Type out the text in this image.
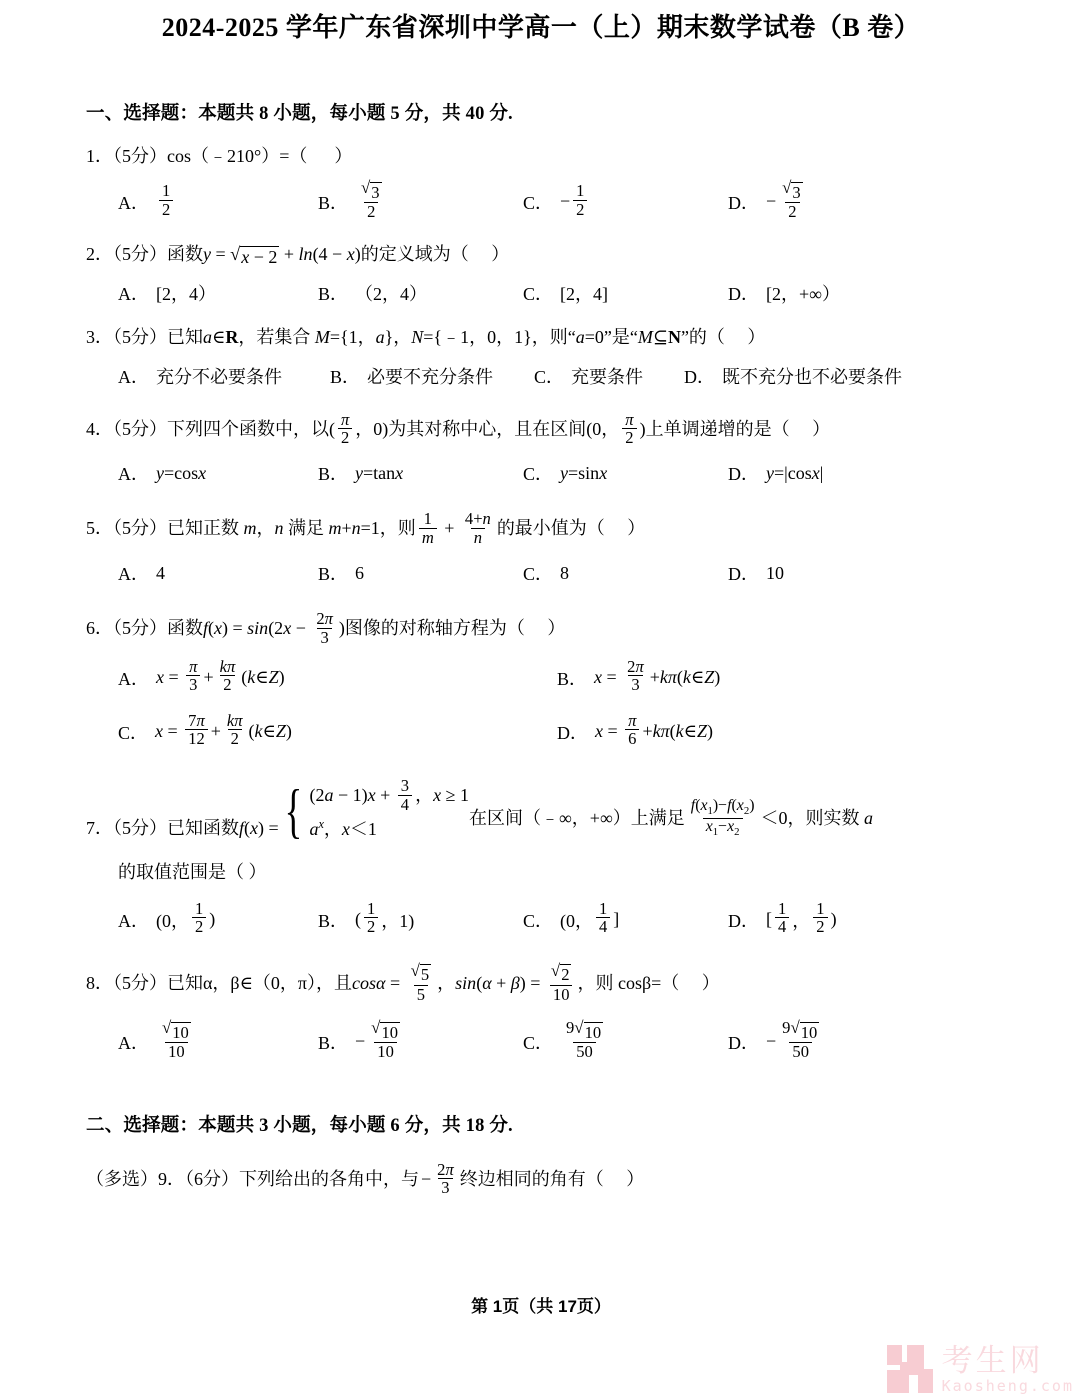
2024-2025 学年广东省深圳中学高一（上）期末数学试卷（B 卷）
一、选择题：本题共 8 小题，每小题 5 分，共 40 分.
1．（5分）cos（﹣210°）=（      ）
A． $\frac{1}{2}$	B． $\frac{√ 3}{2}$	C． − $\frac{1}{2}$	D． − $\frac{√ 3}{2}$
2．（5分）函数y = √ x − 2 + ln(4 − x)的定义域为（     ）
A． [2，4）	B． （2，4）	C． [2，4]	D． [2，+∞）
3．（5分）已知a∈R，若集合 M={1，a}，N={﹣1，0，1}，则“a=0”是“M⊆N”的（     ）
A． 充分不必要条件	B． 必要不充分条件 C． 充要条件 D． 既不充分也不必要条件
4．（5分）下列四个函数中，以( $\frac{\pi}{2}$ ，0)为其对称中心，且在区间(0， $\frac{\pi}{2}$ )上单调递增的是（     ）
A． y =cos x	B． y =tan x	C． y =sin x	D． y =|cos x |
5．（5分）已知正数 m，n 满足 m+n=1，则 $\frac{1}{m} + \frac{4+n}{n}$ 的最小值为（     ）
A． 4	B． 6	C． 8	D． 10
6．（5分）函数$f(x) = \sin(2x - \frac{2\pi}{3}$ )图像的对称轴方程为（     ）
A． $x = \frac{\pi}{3} + \frac{k\pi}{2}$ ( k ∈ Z )	B． $x = \frac{2\pi}{3} + k\pi$ ( k ∈ Z )
C． $x = \frac{7\pi}{12} + \frac{k\pi}{2}$ ( k ∈ Z )	D． $x = \frac{\pi}{6} + k\pi$ ( k ∈ Z )
7．（5分）已知函数f(x) = { $(2a - 1)x + \frac{3}{4}$ ，x ≥ 1
$a^x$，x＜1
在区间（﹣∞，+∞）上满足 $\frac{f(x_1)-f(x_2)}{x_1-x_2} <0$，则实数 a
的取值范围是（ ）
A． (0， $\frac{1}{2}$ )	B． ( $\frac{1}{2}$ ，1)	C． (0， $\frac{1}{4}$ ]	D． [ $\frac{1}{4}$ ， $\frac{1}{2}$ )
8．（5分）已知α，β∈（0，π），且$\cos\alpha = \frac{√ 5}{5}$ ，$\sin(\alpha + \beta) = \frac{√ 2}{10}$ ，则 cosβ=（     ）
A． $\frac{√ 10}{10}$	B． − $\frac{√ 10}{10}$	C． $\frac{9 √ 10}{50}$	D． − $\frac{9 √ 10}{50}$
二、选择题：本题共 3 小题，每小题 6 分，共 18 分.
（多选）9．（6分）下列给出的各角中，与 − $\frac{2\pi}{3}$ 终边相同的角有（     ）
第 1页（共 17页）
考生网
Kaosheng.com
